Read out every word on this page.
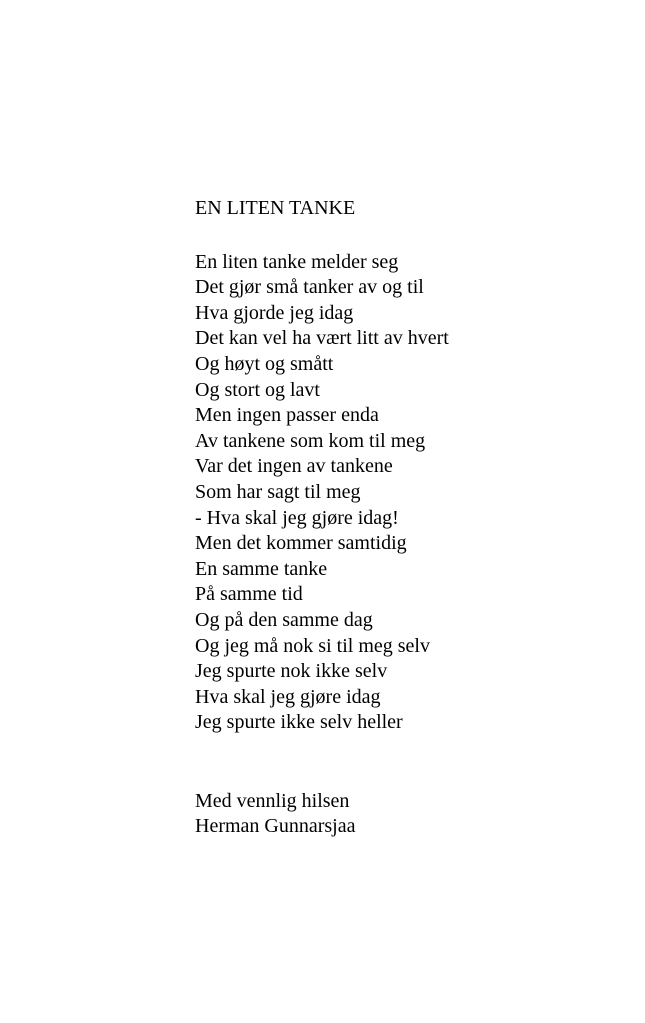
EN LITEN TANKE
En liten tanke melder seg
Det gjør små tanker av og til
Hva gjorde jeg idag
Det kan vel ha vært litt av hvert
Og høyt og smått
Og stort og lavt
Men ingen passer enda
Av tankene som kom til meg
Var det ingen av tankene
Som har sagt til meg
- Hva skal jeg gjøre idag!
Men det kommer samtidig
En samme tanke
På samme tid
Og på den samme dag
Og jeg må nok si til meg selv
Jeg spurte nok ikke selv
Hva skal jeg gjøre idag
Jeg spurte ikke selv heller
Med vennlig hilsen
Herman Gunnarsjaa
